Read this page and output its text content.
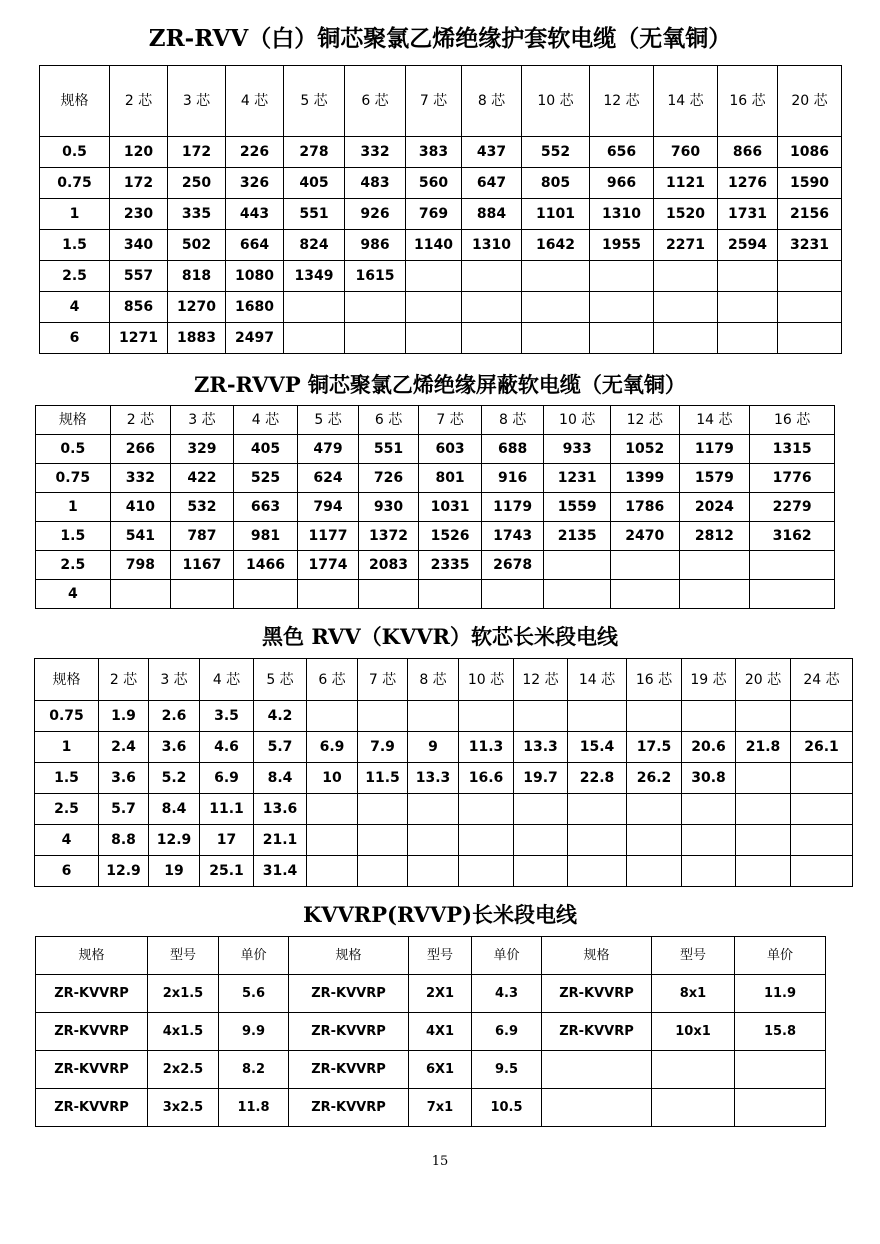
ZR-RVV（白）铜芯聚氯乙烯绝缘护套软电缆（无氧铜）
规格	2 芯	3 芯	4 芯	5 芯	6 芯	7 芯	8 芯	10 芯	12 芯	14 芯	16 芯	20 芯
0.5	120	172	226	278	332	383	437	552	656	760	866	1086
0.75	172	250	326	405	483	560	647	805	966	1121	1276	1590
1	230	335	443	551	926	769	884	1101	1310	1520	1731	2156
1.5	340	502	664	824	986	1140	1310	1642	1955	2271	2594	3231
2.5	557	818	1080	1349	1615							
4	856	1270	1680									
6	1271	1883	2497									
ZR-RVVP 铜芯聚氯乙烯绝缘屏蔽软电缆（无氧铜）
规格	2 芯	3 芯	4 芯	5 芯	6 芯	7 芯	8 芯	10 芯	12 芯	14 芯	16 芯
0.5	266	329	405	479	551	603	688	933	1052	1179	1315
0.75	332	422	525	624	726	801	916	1231	1399	1579	1776
1	410	532	663	794	930	1031	1179	1559	1786	2024	2279
1.5	541	787	981	1177	1372	1526	1743	2135	2470	2812	3162
2.5	798	1167	1466	1774	2083	2335	2678				
4											
黑色 RVV（KVVR）软芯长米段电线
规格	2 芯	3 芯	4 芯	5 芯	6 芯	7 芯	8 芯	10 芯	12 芯	14 芯	16 芯	19 芯	20 芯	24 芯
0.75	1.9	2.6	3.5	4.2										
1	2.4	3.6	4.6	5.7	6.9	7.9	9	11.3	13.3	15.4	17.5	20.6	21.8	26.1
1.5	3.6	5.2	6.9	8.4	10	11.5	13.3	16.6	19.7	22.8	26.2	30.8		
2.5	5.7	8.4	11.1	13.6										
4	8.8	12.9	17	21.1										
6	12.9	19	25.1	31.4										
KVVRP(RVVP)长米段电线
规格	型号	单价	规格	型号	单价	规格	型号	单价
ZR-KVVRP	2x1.5	5.6	ZR-KVVRP	2X1	4.3	ZR-KVVRP	8x1	11.9
ZR-KVVRP	4x1.5	9.9	ZR-KVVRP	4X1	6.9	ZR-KVVRP	10x1	15.8
ZR-KVVRP	2x2.5	8.2	ZR-KVVRP	6X1	9.5			
ZR-KVVRP	3x2.5	11.8	ZR-KVVRP	7x1	10.5			
15
